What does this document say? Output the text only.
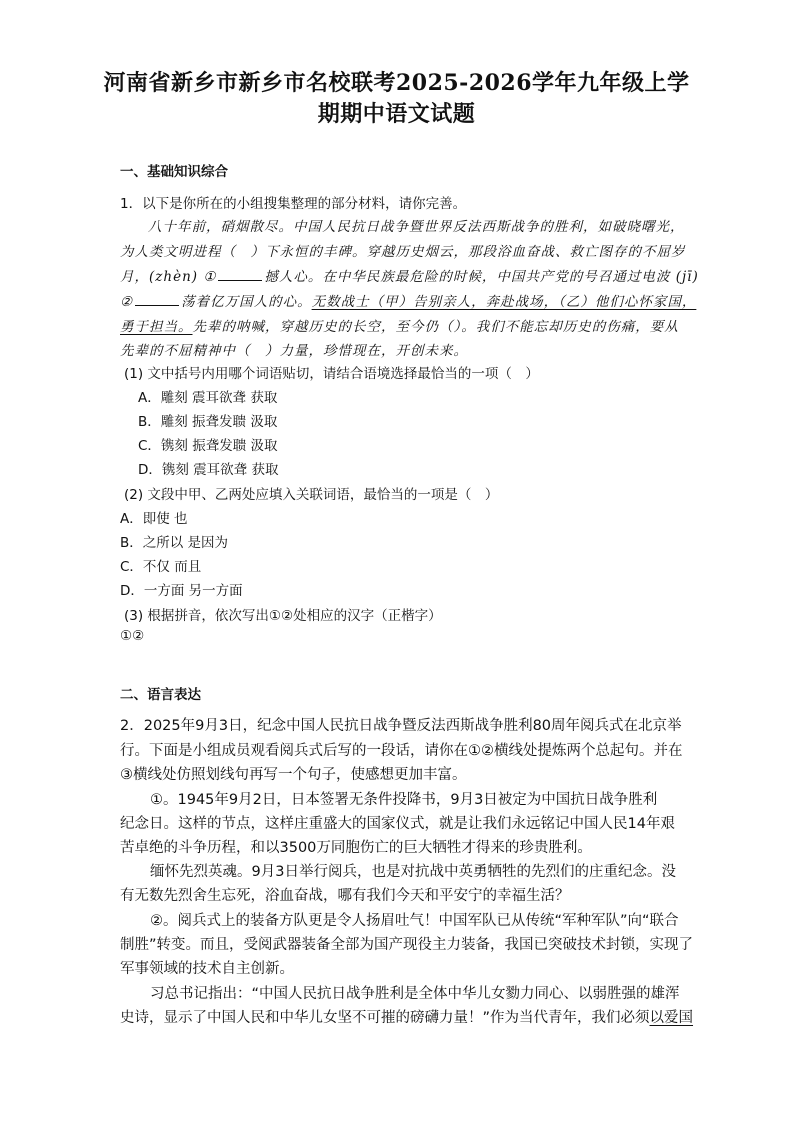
河南省新乡市新乡市名校联考2025-2026学年九年级上学
期期中语文试题
一、基础知识综合
1．以下是你所在的小组搜集整理的部分材料，请你完善。
八十年前，硝烟散尽。中国人民抗日战争暨世界反法西斯战争的胜利，如破晓曙光，
为人类文明进程（　）下永恒的丰碑。穿越历史烟云，那段浴血奋战、救亡图存的不屈岁
月，(zhèn) ①	撼人心。在中华民族最危险的时候，中国共产党的号召通过电波 (jī)
②	荡着亿万国人的心。无数战士（甲）告别亲人，奔赴战场，（乙）他们心怀家国，
勇于担当。先辈的呐喊，穿越历史的长空，至今仍（）。我们不能忘却历史的伤痛，要从
先辈的不屈精神中（　）力量，珍惜现在，开创未来。
(1) 文中括号内用哪个词语贴切，请结合语境选择最恰当的一项（　）
A．雕刻 震耳欲聋 获取
B．雕刻 振聋发聩 汲取
C．镌刻 振聋发聩 汲取
D．镌刻 震耳欲聋 获取
(2) 文段中甲、乙两处应填入关联词语，最恰当的一项是（　）
A．即使 也
B．之所以 是因为
C．不仅 而且
D．一方面 另一方面
(3) 根据拼音，依次写出①②处相应的汉字（正楷字）
①②
二、语言表达
2．2025年9月3日，纪念中国人民抗日战争暨反法西斯战争胜利80周年阅兵式在北京举
行。下面是小组成员观看阅兵式后写的一段话，请你在①②横线处提炼两个总起句。并在
③横线处仿照划线句再写一个句子，使感想更加丰富。
①。1945年9月2日，日本签署无条件投降书，9月3日被定为中国抗日战争胜利
纪念日。这样的节点，这样庄重盛大的国家仪式，就是让我们永远铭记中国人民14年艰
苦卓绝的斗争历程，和以3500万同胞伤亡的巨大牺牲才得来的珍贵胜利。
缅怀先烈英魂。9月3日举行阅兵，也是对抗战中英勇牺牲的先烈们的庄重纪念。没
有无数先烈舍生忘死，浴血奋战，哪有我们今天和平安宁的幸福生活？
②。阅兵式上的装备方队更是令人扬眉吐气！中国军队已从传统“军种军队”向“联合
制胜”转变。而且，受阅武器装备全部为国产现役主力装备，我国已突破技术封锁，实现了
军事领域的技术自主创新。
习总书记指出：“中国人民抗日战争胜利是全体中华儿女勠力同心、以弱胜强的雄浑
史诗，显示了中国人民和中华儿女坚不可摧的磅礴力量！”作为当代青年，我们必须以爱国
